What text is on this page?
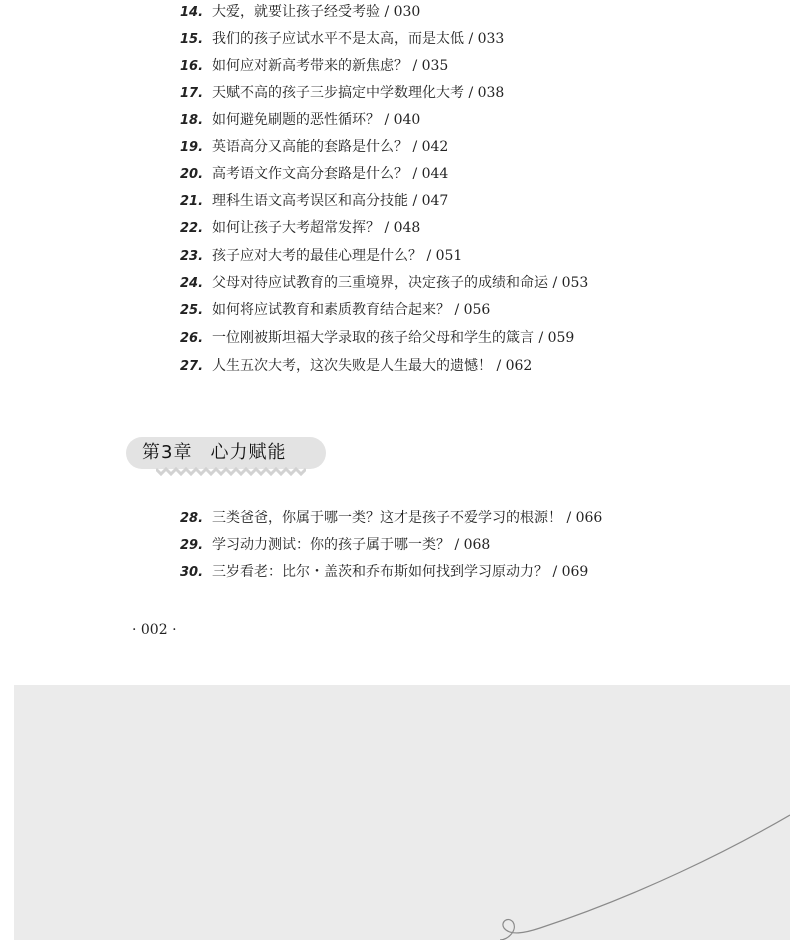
14. 大爱，就要让孩子经受考验 / 030
15. 我们的孩子应试水平不是太高，而是太低 / 033
16. 如何应对新高考带来的新焦虑？ / 035
17. 天赋不高的孩子三步搞定中学数理化大考 / 038
18. 如何避免刷题的恶性循环？ / 040
19. 英语高分又高能的套路是什么？ / 042
20. 高考语文作文高分套路是什么？ / 044
21. 理科生语文高考误区和高分技能 / 047
22. 如何让孩子大考超常发挥？ / 048
23. 孩子应对大考的最佳心理是什么？ / 051
24. 父母对待应试教育的三重境界，决定孩子的成绩和命运 / 053
25. 如何将应试教育和素质教育结合起来？ / 056
26. 一位刚被斯坦福大学录取的孩子给父母和学生的箴言 / 059
27. 人生五次大考，这次失败是人生最大的遗憾！ / 062
第3章 心力赋能
28. 三类爸爸，你属于哪一类？这才是孩子不爱学习的根源！ / 066
29. 学习动力测试：你的孩子属于哪一类？ / 068
30. 三岁看老：比尔・盖茨和乔布斯如何找到学习原动力？ / 069
· 002 ·
